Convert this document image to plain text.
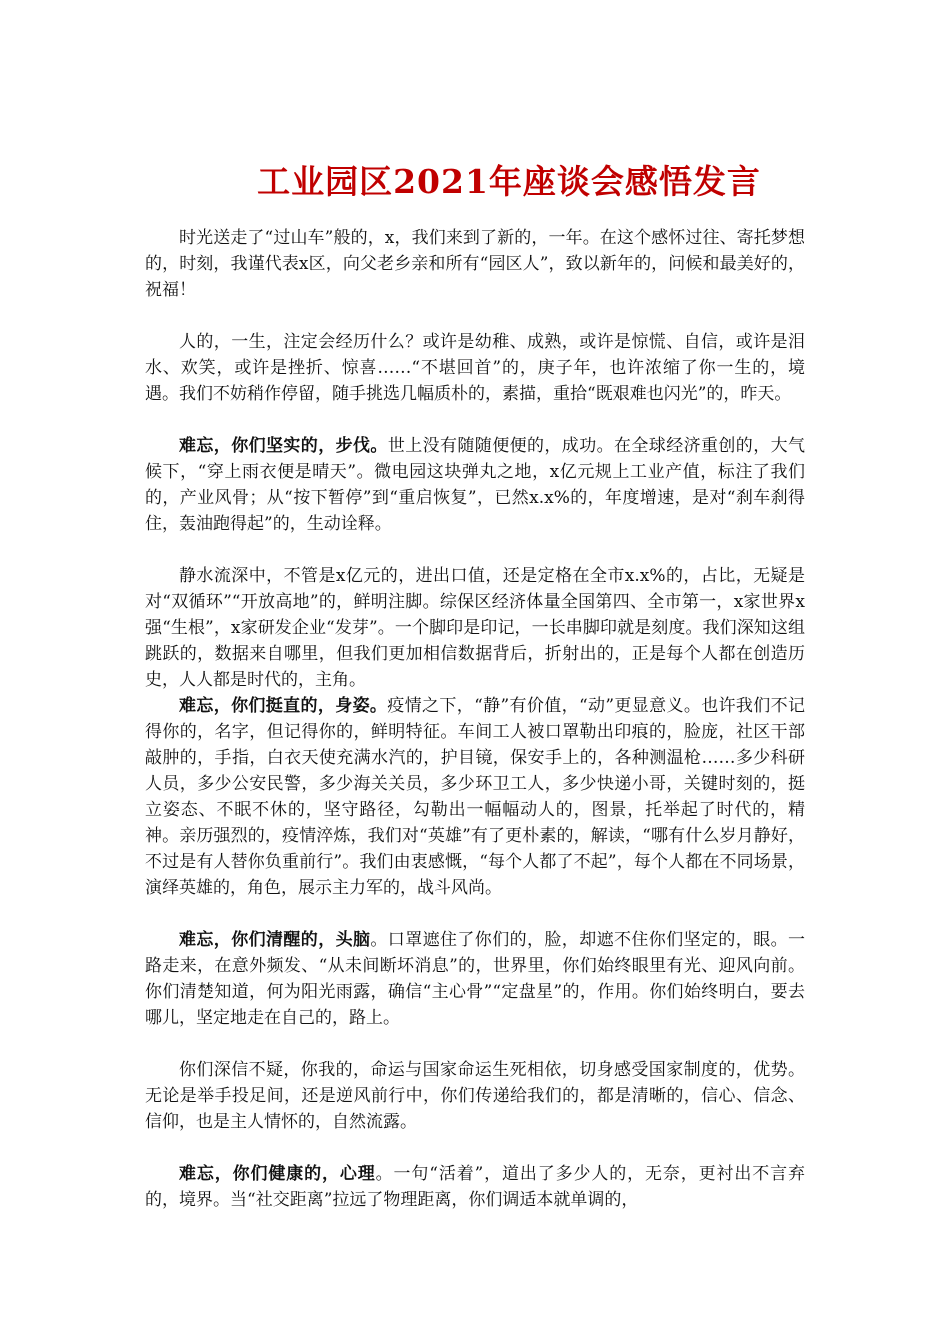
工业园区2021年座谈会感悟发言

时光送走了“过山车”般的，x，我们来到了新的，一年。在这个感怀过往、寄托梦想的，时刻，我谨代表x区，向父老乡亲和所有“园区人”，致以新年的，问候和最美好的，祝福！

人的，一生，注定会经历什么？或许是幼稚、成熟，或许是惊慌、自信，或许是泪水、欢笑，或许是挫折、惊喜……“不堪回首”的，庚子年，也许浓缩了你一生的，境遇。我们不妨稍作停留，随手挑选几幅质朴的，素描，重拾“既艰难也闪光”的，昨天。

难忘，你们坚实的，步伐。世上没有随随便便的，成功。在全球经济重创的，大气候下，“穿上雨衣便是晴天”。微电园这块弹丸之地，x亿元规上工业产值，标注了我们的，产业风骨；从“按下暂停”到“重启恢复”，已然x.x%的，年度增速，是对“刹车刹得住，轰油跑得起”的，生动诠释。

静水流深中，不管是x亿元的，进出口值，还是定格在全市x.x%的，占比，无疑是对“双循环”“开放高地”的，鲜明注脚。综保区经济体量全国第四、全市第一，x家世界x强“生根”，x家研发企业“发芽”。一个脚印是印记，一长串脚印就是刻度。我们深知这组跳跃的，数据来自哪里，但我们更加相信数据背后，折射出的，正是每个人都在创造历史，人人都是时代的，主角。

难忘，你们挺直的，身姿。疫情之下，“静”有价值，“动”更显意义。也许我们不记得你的，名字，但记得你的，鲜明特征。车间工人被口罩勒出印痕的，脸庞，社区干部敲肿的，手指，白衣天使充满水汽的，护目镜，保安手上的，各种测温枪……多少科研人员，多少公安民警，多少海关关员，多少环卫工人，多少快递小哥，关键时刻的，挺立姿态、不眠不休的，坚守路径，勾勒出一幅幅动人的，图景，托举起了时代的，精神。亲历强烈的，疫情淬炼，我们对“英雄”有了更朴素的，解读，“哪有什么岁月静好，不过是有人替你负重前行”。我们由衷感慨，“每个人都了不起”，每个人都在不同场景，演绎英雄的，角色，展示主力军的，战斗风尚。

难忘，你们清醒的，头脑。口罩遮住了你们的，脸，却遮不住你们坚定的，眼。一路走来，在意外频发、“从未间断坏消息”的，世界里，你们始终眼里有光、迎风向前。你们清楚知道，何为阳光雨露，确信“主心骨”“定盘星”的，作用。你们始终明白，要去哪儿，坚定地走在自己的，路上。

你们深信不疑，你我的，命运与国家命运生死相依，切身感受国家制度的，优势。无论是举手投足间，还是逆风前行中，你们传递给我们的，都是清晰的，信心、信念、信仰，也是主人情怀的，自然流露。

难忘，你们健康的，心理。一句“活着”，道出了多少人的，无奈，更衬出不言弃的，境界。当“社交距离”拉远了物理距离，你们调适本就单调的，
